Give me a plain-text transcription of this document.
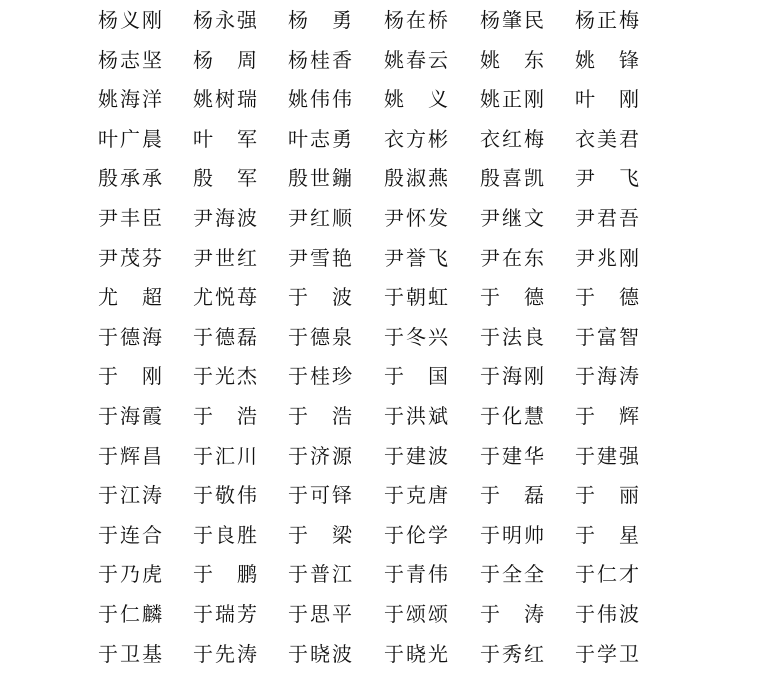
杨 义 刚 杨 永 强 杨
　 勇 杨 在 桥 杨 肇 民 杨 正 梅
杨 志 坚 杨
　 周 杨 桂 香 姚 春 云 姚
　 东 姚
　 锋
姚 海 洋 姚 树 瑞 姚 伟 伟 姚
　 义 姚 正 刚 叶
　 刚
叶 广 晨 叶
　 军 叶 志 勇 衣 方 彬 衣 红 梅 衣 美 君
殷 承 承 殷
　 军 殷 世 鏰 殷 淑 燕 殷 喜 凯 尹
　 飞
尹 丰 臣 尹 海 波 尹 红 顺 尹 怀 发 尹 继 文 尹 君 吾
尹 茂 芬 尹 世 红 尹 雪 艳 尹 誉 飞 尹 在 东 尹 兆 刚
尤
　 超 尤 悦 苺 于
　 波 于 朝 虹 于
　 德 于
　 德
于 德 海 于 德 磊 于 德 泉 于 冬 兴 于 法 良 于 富 智
于
　 刚 于 光 杰 于 桂 珍 于
　 国 于 海 刚 于 海 涛
于 海 霞 于
　 浩 于
　 浩 于 洪 斌 于 化 慧 于
　 辉
于 辉 昌 于 汇 川 于 济 源 于 建 波 于 建 华 于 建 强
于 江 涛 于 敬 伟 于 可 铎 于 克 唐 于
　 磊 于
　 丽
于 连 合 于 良 胜 于
　 梁 于 伦 学 于 明 帅 于
　 星
于 乃 虎 于
　 鹏 于 普 江 于 青 伟 于 全 全 于 仁 才
于 仁 麟 于 瑞 芳 于 思 平 于 颂 颂 于
　 涛 于 伟 波
于 卫 基 于 先 涛 于 晓 波 于 晓 光 于 秀 红 于 学 卫
